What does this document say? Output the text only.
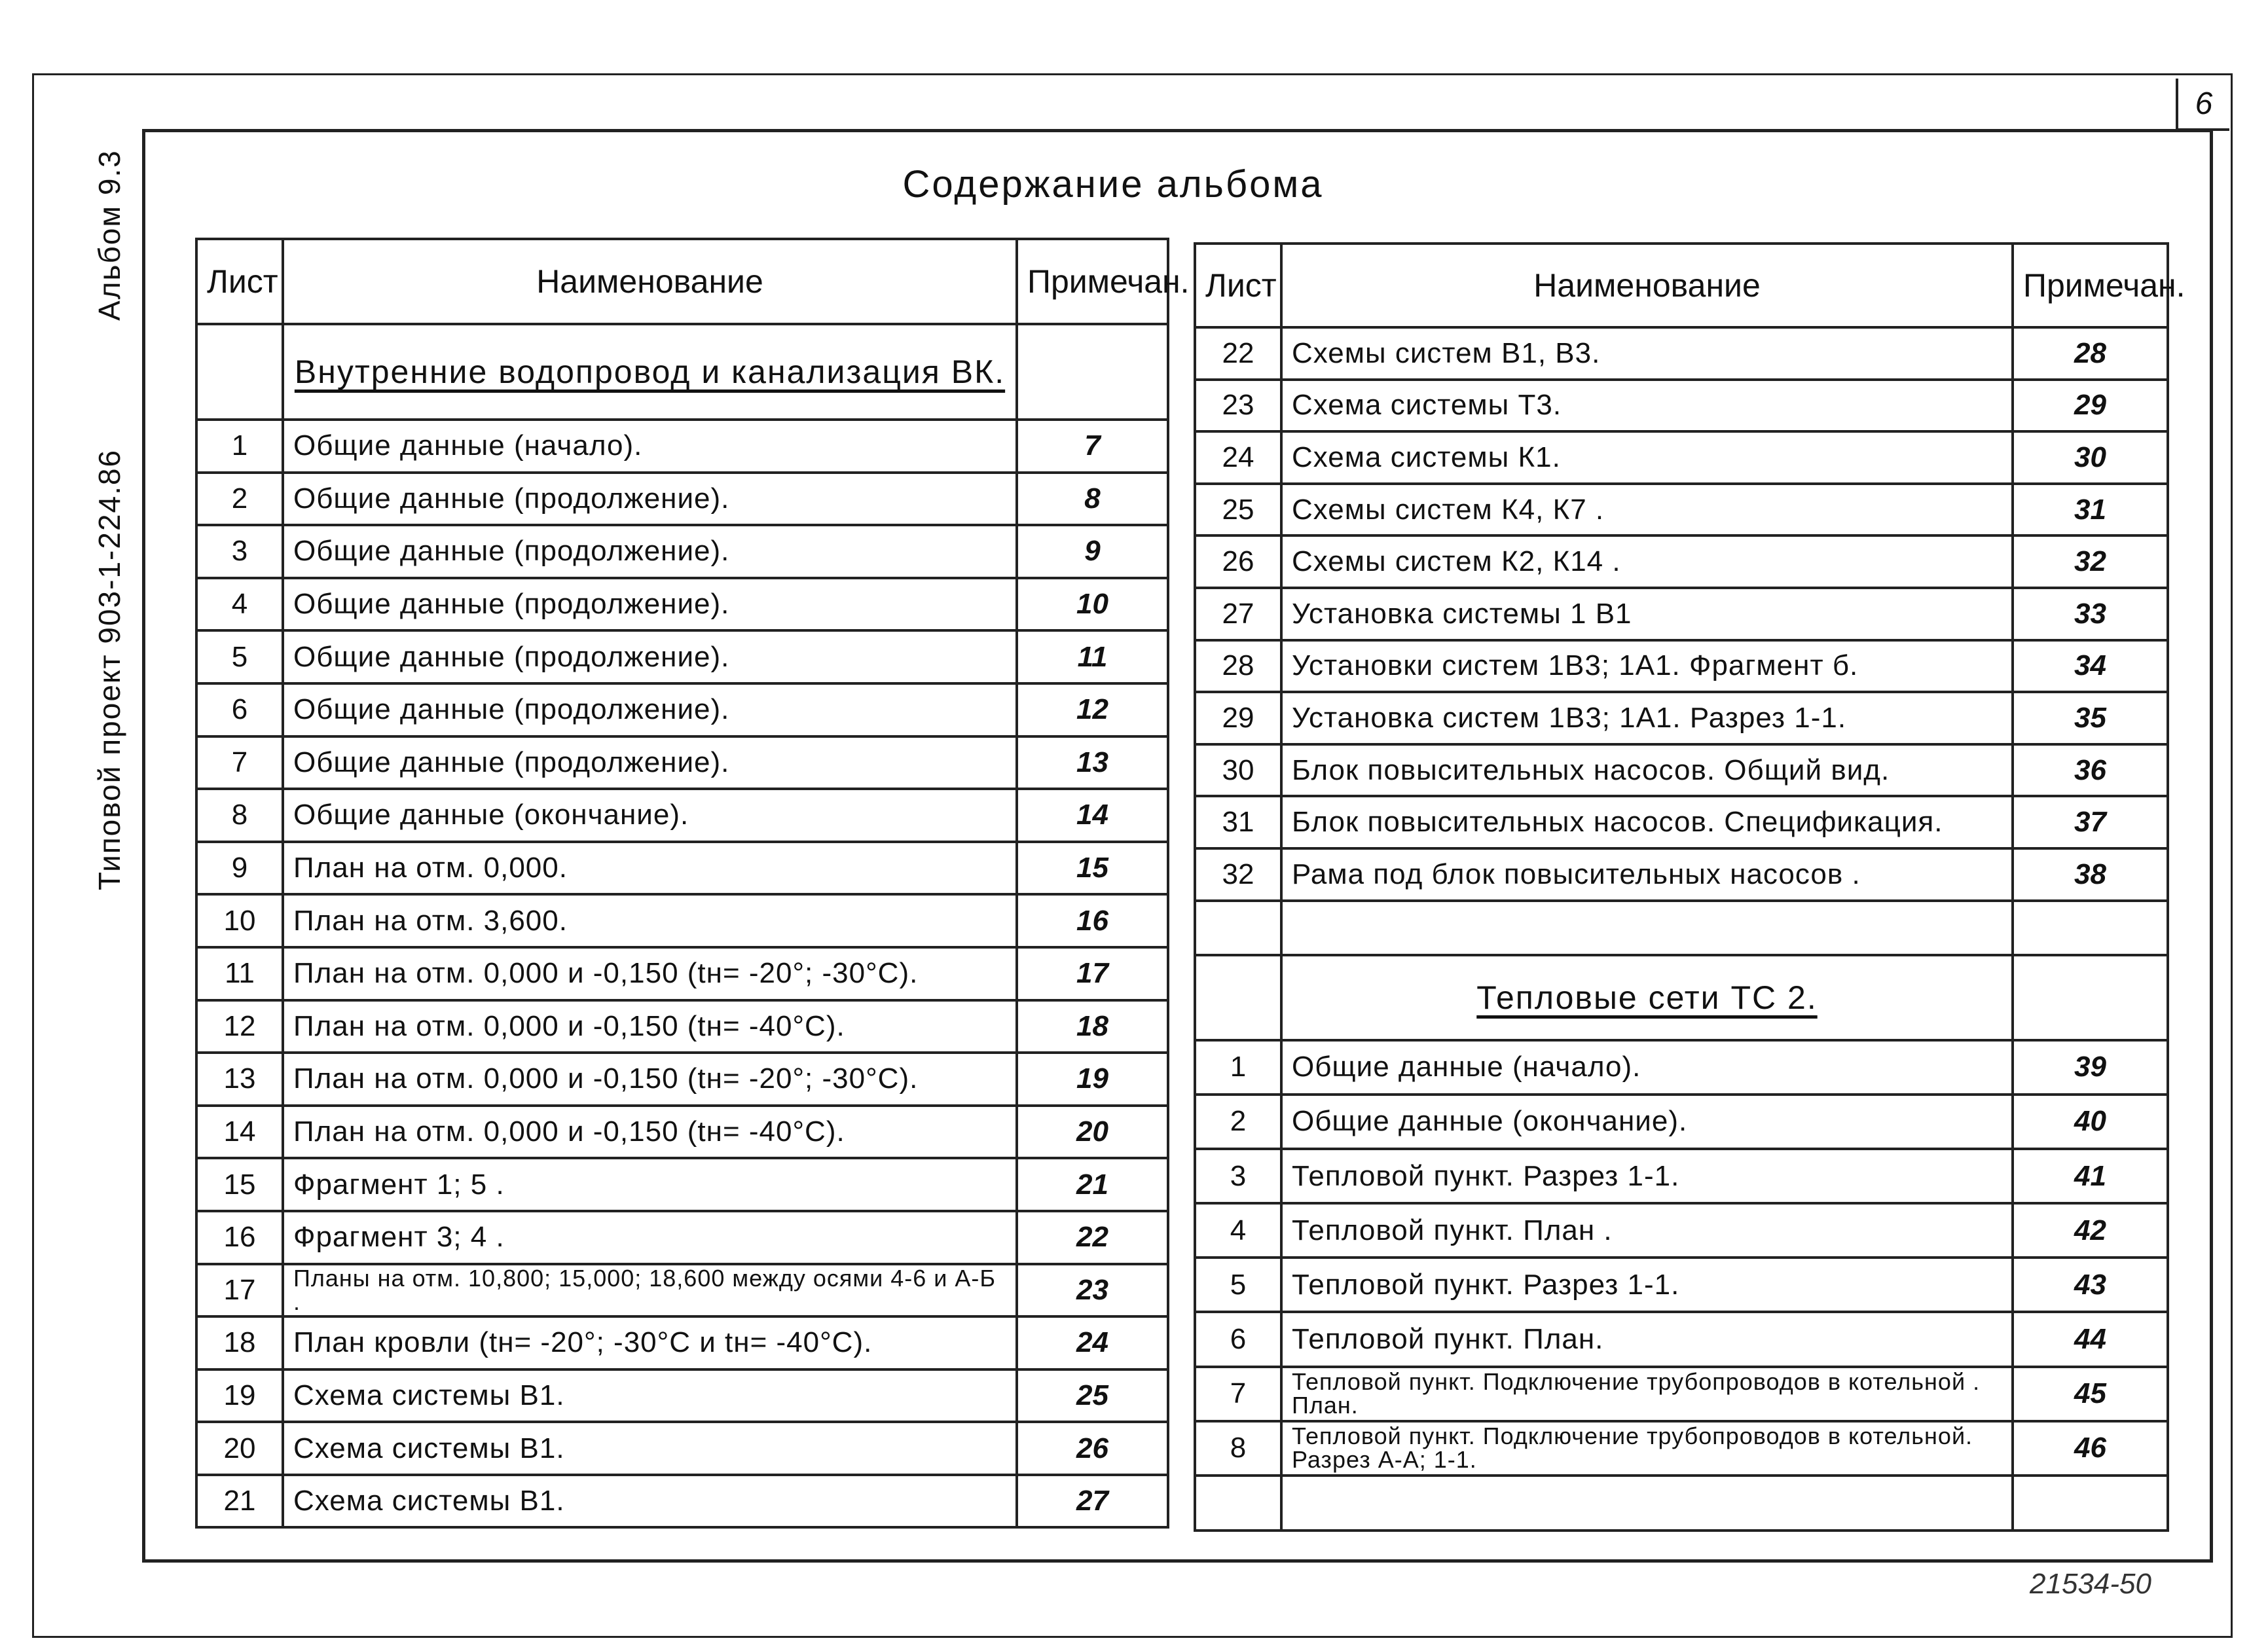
6
Содержание альбома
Альбом 9.3
Типовой проект 903-1-224.86
21534-50
Лист	Наименование	Примечан.
	Внутренние водопровод и канализация ВК.	
1	Общие данные (начало).	7
2	Общие данные (продолжение).	8
3	Общие данные (продолжение).	9
4	Общие данные (продолжение).	10
5	Общие данные (продолжение).	11
6	Общие данные (продолжение).	12
7	Общие данные (продолжение).	13
8	Общие данные (окончание).	14
9	План на отм. 0,000.	15
10	План на отм. 3,600.	16
11	План на отм. 0,000 и -0,150 (tн= -20°; -30°C).	17
12	План на отм. 0,000 и -0,150 (tн= -40°C).	18
13	План на отм. 0,000 и -0,150 (tн= -20°; -30°C).	19
14	План на отм. 0,000 и -0,150 (tн= -40°C).	20
15	Фрагмент 1; 5 .	21
16	Фрагмент 3; 4 .	22
17	Планы на отм. 10,800; 15,000; 18,600 между осями 4-6 и А-Б .	23
18	План кровли (tн= -20°; -30°C и tн= -40°C).	24
19	Схема системы В1.	25
20	Схема системы В1.	26
21	Схема системы В1.	27
Лист	Наименование	Примечан.
22	Схемы систем В1, В3.	28
23	Схема системы Т3.	29
24	Схема системы К1.	30
25	Схемы систем К4, К7 .	31
26	Схемы систем К2, К14 .	32
27	Установка системы 1 В1	33
28	Установки систем 1В3; 1А1. Фрагмент б.	34
29	Установка систем 1В3; 1А1. Разрез 1-1.	35
30	Блок повысительных насосов. Общий вид.	36
31	Блок повысительных насосов. Спецификация.	37
32	Рама под блок повысительных насосов .	38

	Тепловые сети ТС 2.	
1	Общие данные (начало).	39
2	Общие данные (окончание).	40
3	Тепловой пункт. Разрез 1-1.	41
4	Тепловой пункт. План .	42
5	Тепловой пункт. Разрез 1-1.	43
6	Тепловой пункт. План.	44
7	Тепловой пункт. Подключение трубопроводов в котельной . План.	45
8	Тепловой пункт. Подключение трубопроводов в котельной. Разрез А-А; 1-1.	46
